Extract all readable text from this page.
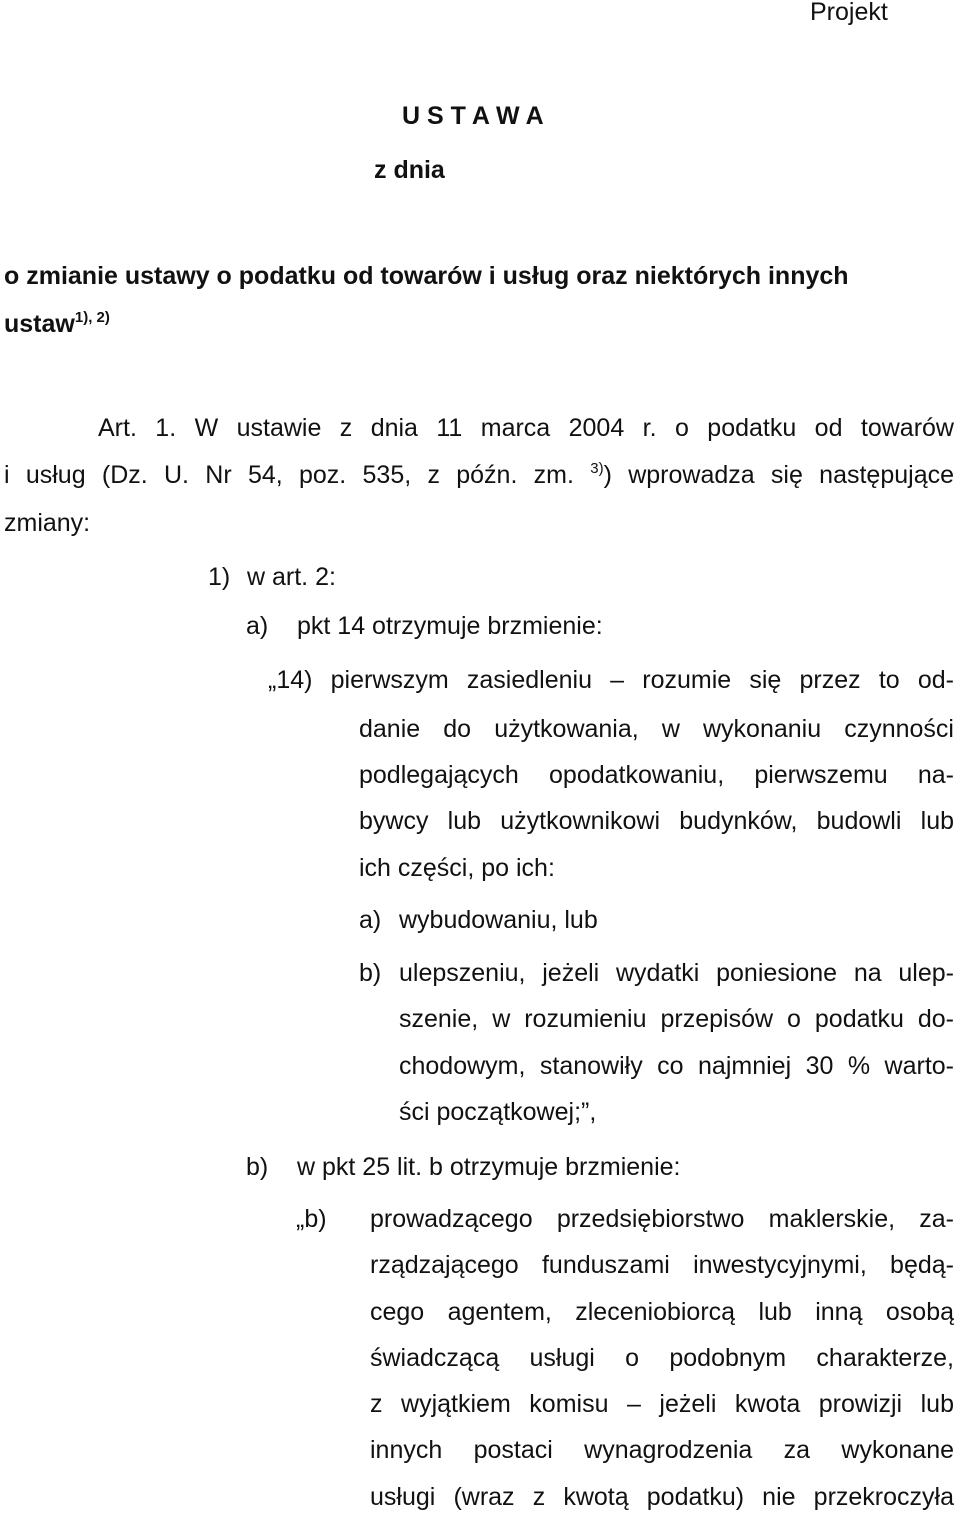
Projekt
U S T A W A
z dnia
o zmianie ustawy o podatku od towarów i usług oraz niektórych innych
ustaw$^{1), 2)}$
Art. 1. W ustawie z dnia 11 marca 2004 r. o podatku od towarów
i usług (Dz. U. Nr 54, poz. 535, z późn. zm. $^{3)}$) wprowadza się następujące
zmiany:
1) w art. 2:
a) pkt 14 otrzymuje brzmienie:
„14) pierwszym zasiedleniu – rozumie się przez to od-
danie do użytkowania, w wykonaniu czynności
podlegających opodatkowaniu, pierwszemu na-
bywcy lub użytkownikowi budynków, budowli lub
ich części, po ich:
a) wybudowaniu, lub
b) ulepszeniu, jeżeli wydatki poniesione na ulep-
szenie, w rozumieniu przepisów o podatku do-
chodowym, stanowiły co najmniej 30 % warto-
ści początkowej;”,
b) w pkt 25 lit. b otrzymuje brzmienie:
„b) prowadzącego przedsiębiorstwo maklerskie, za-
rządzającego funduszami inwestycyjnymi, będą-
cego agentem, zleceniobiorcą lub inną osobą
świadczącą usługi o podobnym charakterze,
z wyjątkiem komisu – jeżeli kwota prowizji lub
innych postaci wynagrodzenia za wykonane
usługi (wraz z kwotą podatku) nie przekroczyła
